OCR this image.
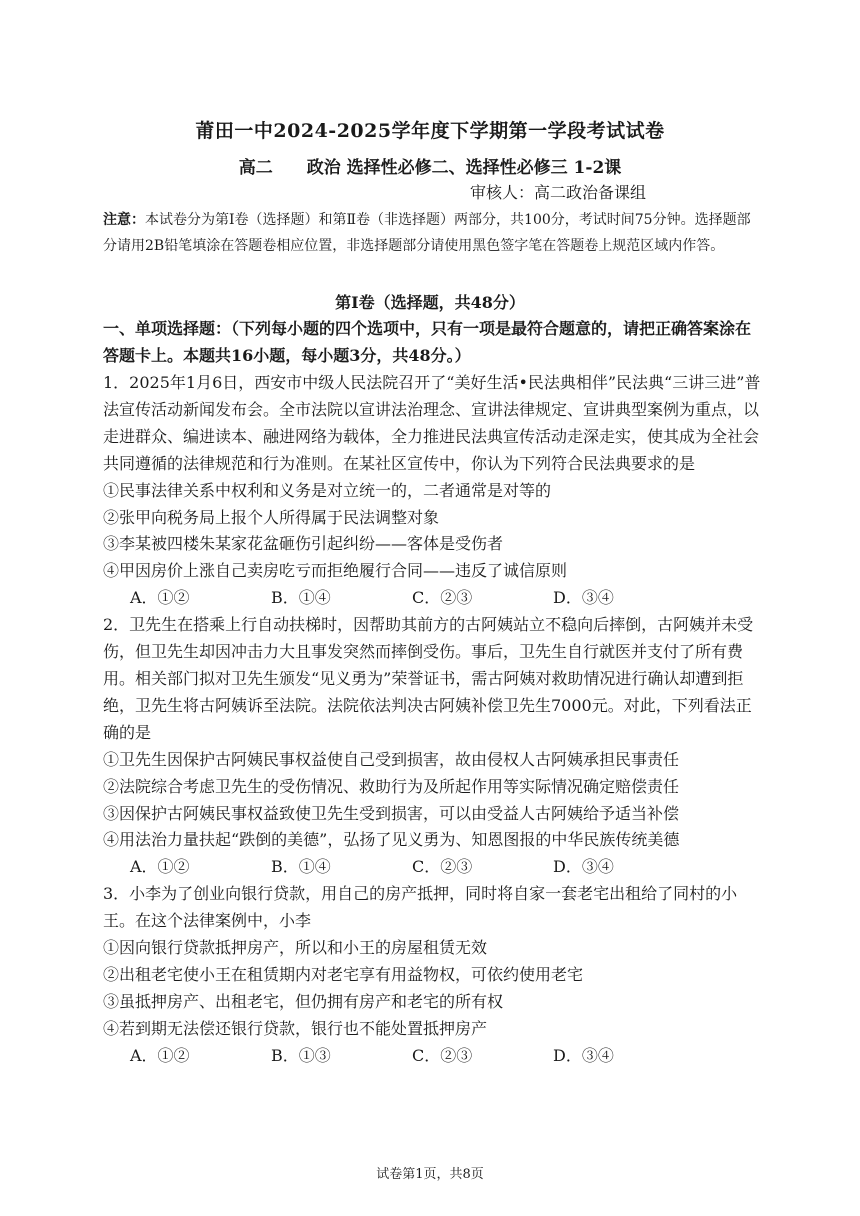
莆田一中2024-2025学年度下学期第一学段考试试卷
高二 政治 选择性必修二、选择性必修三 1-2课
审核人：高二政治备课组
注意：本试卷分为第Ⅰ卷（选择题）和第Ⅱ卷（非选择题）两部分，共100分，考试时间75分钟。选择题部分请用2B铅笔填涂在答题卷相应位置，非选择题部分请使用黑色签字笔在答题卷上规范区域内作答。
第Ⅰ卷（选择题，共48分）
一、单项选择题：（下列每小题的四个选项中，只有一项是最符合题意的，请把正确答案涂在答题卡上。本题共16小题，每小题3分，共48分。）

1．2025年1月6日，西安市中级人民法院召开了“美好生活•民法典相伴”民法典“三讲三进”普法宣传活动新闻发布会。全市法院以宣讲法治理念、宣讲法律规定、宣讲典型案例为重点，以走进群众、编进读本、融进网络为载体，全力推进民法典宣传活动走深走实，使其成为全社会共同遵循的法律规范和行为准则。在某社区宣传中，你认为下列符合民法典要求的是

①民事法律关系中权利和义务是对立统一的，二者通常是对等的

②张甲向税务局上报个人所得属于民法调整对象

③李某被四楼朱某家花盆砸伤引起纠纷——客体是受伤者

④甲因房价上涨自己卖房吃亏而拒绝履行合同——违反了诚信原则

A．①②	B．①④	C．②③	D．③④

2．卫先生在搭乘上行自动扶梯时，因帮助其前方的古阿姨站立不稳向后摔倒，古阿姨并未受伤，但卫先生却因冲击力大且事发突然而摔倒受伤。事后，卫先生自行就医并支付了所有费用。相关部门拟对卫先生颁发“见义勇为”荣誉证书，需古阿姨对救助情况进行确认却遭到拒绝，卫先生将古阿姨诉至法院。法院依法判决古阿姨补偿卫先生7000元。对此，下列看法正确的是

①卫先生因保护古阿姨民事权益使自己受到损害，故由侵权人古阿姨承担民事责任

②法院综合考虑卫先生的受伤情况、救助行为及所起作用等实际情况确定赔偿责任

③因保护古阿姨民事权益致使卫先生受到损害，可以由受益人古阿姨给予适当补偿

④用法治力量扶起“跌倒的美德”，弘扬了见义勇为、知恩图报的中华民族传统美德

A．①②	B．①④	C．②③	D．③④

3．小李为了创业向银行贷款，用自己的房产抵押，同时将自家一套老宅出租给了同村的小王。在这个法律案例中，小李

①因向银行贷款抵押房产，所以和小王的房屋租赁无效

②出租老宅使小王在租赁期内对老宅享有用益物权，可依约使用老宅

③虽抵押房产、出租老宅，但仍拥有房产和老宅的所有权

④若到期无法偿还银行贷款，银行也不能处置抵押房产

A．①②	B．①③	C．②③	D．③④
试卷第1页，共8页
